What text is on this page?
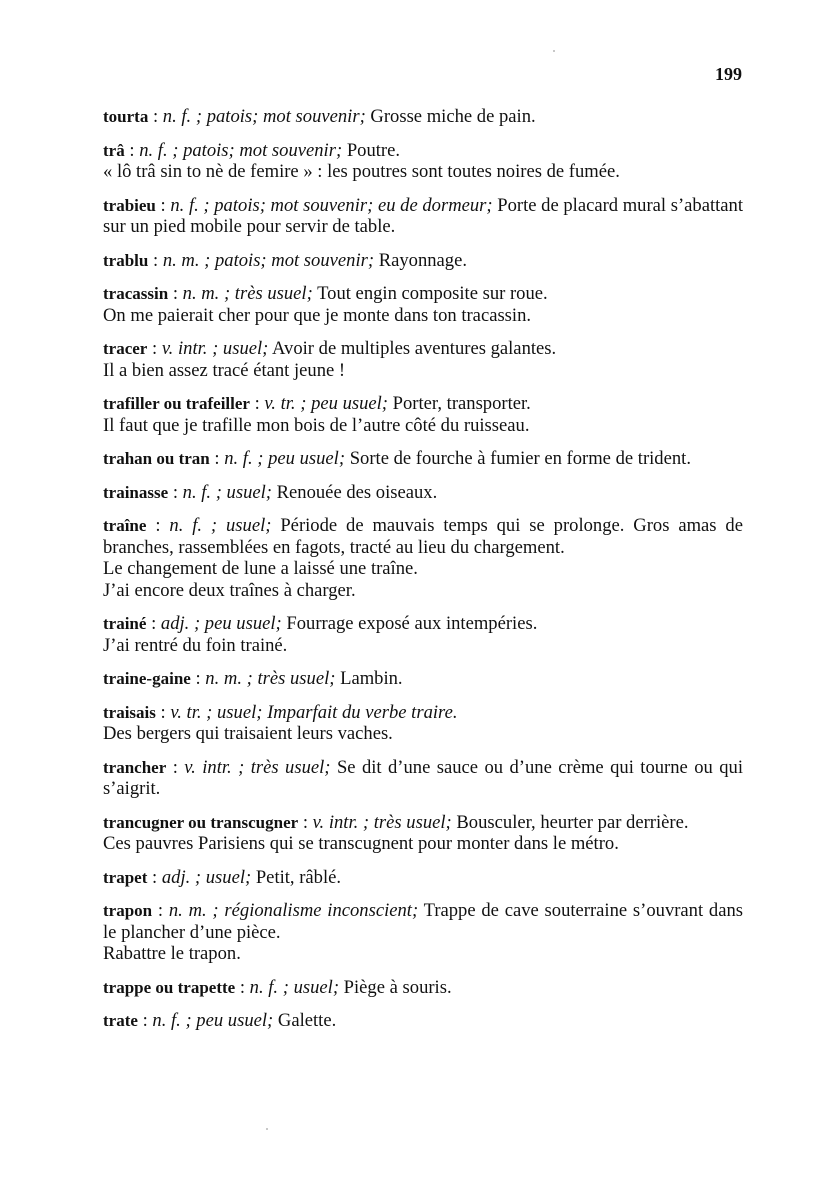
199
tourta : n. f. ; patois; mot souvenir; Grosse miche de pain.
trâ : n. f. ; patois; mot souvenir; Poutre.
« lô trâ sin to nè de femire » : les poutres sont toutes noires de fumée.
trabieu : n. f. ; patois; mot souvenir; eu de dormeur; Porte de placard mural s’abattant sur un pied mobile pour servir de table.
trablu : n. m. ; patois; mot souvenir; Rayonnage.
tracassin : n. m. ; très usuel; Tout engin composite sur roue.
On me paierait cher pour que je monte dans ton tracassin.
tracer : v. intr. ; usuel; Avoir de multiples aventures galantes.
Il a bien assez tracé étant jeune !
trafiller ou trafeiller : v. tr. ; peu usuel; Porter, transporter.
Il faut que je trafille mon bois de l’autre côté du ruisseau.
trahan ou tran : n. f. ; peu usuel; Sorte de fourche à fumier en forme de trident.
trainasse : n. f. ; usuel; Renouée des oiseaux.
traîne : n. f. ; usuel; Période de mauvais temps qui se prolonge. Gros amas de branches, rassemblées en fagots, tracté au lieu du chargement.
Le changement de lune a laissé une traîne.
J’ai encore deux traînes à charger.
trainé : adj. ; peu usuel; Fourrage exposé aux intempéries.
J’ai rentré du foin trainé.
traine-gaine : n. m. ; très usuel; Lambin.
traisais : v. tr. ; usuel; Imparfait du verbe traire.
Des bergers qui traisaient leurs vaches.
trancher : v. intr. ; très usuel; Se dit d’une sauce ou d’une crème qui tourne ou qui s’aigrit.
trancugner ou transcugner : v. intr. ; très usuel; Bousculer, heurter par derrière.
Ces pauvres Parisiens qui se transcugnent pour monter dans le métro.
trapet : adj. ; usuel; Petit, râblé.
trapon : n. m. ; régionalisme inconscient; Trappe de cave souterraine s’ouvrant dans le plancher d’une pièce.
Rabattre le trapon.
trappe ou trapette : n. f. ; usuel; Piège à souris.
trate : n. f. ; peu usuel; Galette.
